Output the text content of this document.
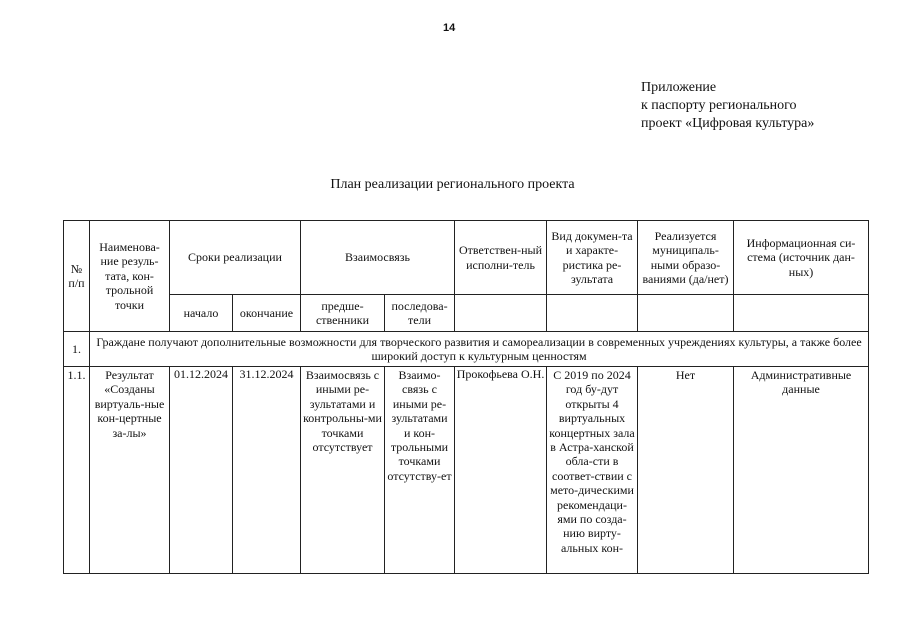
14
Приложение
к паспорту регионального
проект «Цифровая культура»
План реализации регионального проекта
№ п/п	Наименова-ние резуль-тата, кон-трольной точки	Сроки реализации		Взаимосвязь		Ответствен-ный исполни-тель	Вид докумен-та и характе-ристика ре-зультата	Реализуется муниципаль-ными образо-ваниями (да/нет)	Информационная си-стема (источник дан-ных)
		начало	окончание	предше-ственники	последова-тели				
1.	Граждане получают дополнительные возможности для творческого развития и самореализации в современных учреждениях культуры, а также более широкий доступ к культурным ценностям								
1.1.	Результат «Созданы виртуаль-ные кон-цертные за-лы»	01.12.2024	31.12.2024	Взаимосвязь с иными ре-зультатами и контрольны-ми точками отсутствует	Взаимо-связь с иными ре-зультатами и кон-трольными точками отсутству-ет	Прокофьева О.Н.	С 2019 по 2024 год бу-дут открыты 4 виртуальных концертных зала в Астра-ханской обла-сти в соответ-ствии с мето-дическими рекомендаци-ями по созда-нию вирту-альных кон-	Нет	Административные данные
